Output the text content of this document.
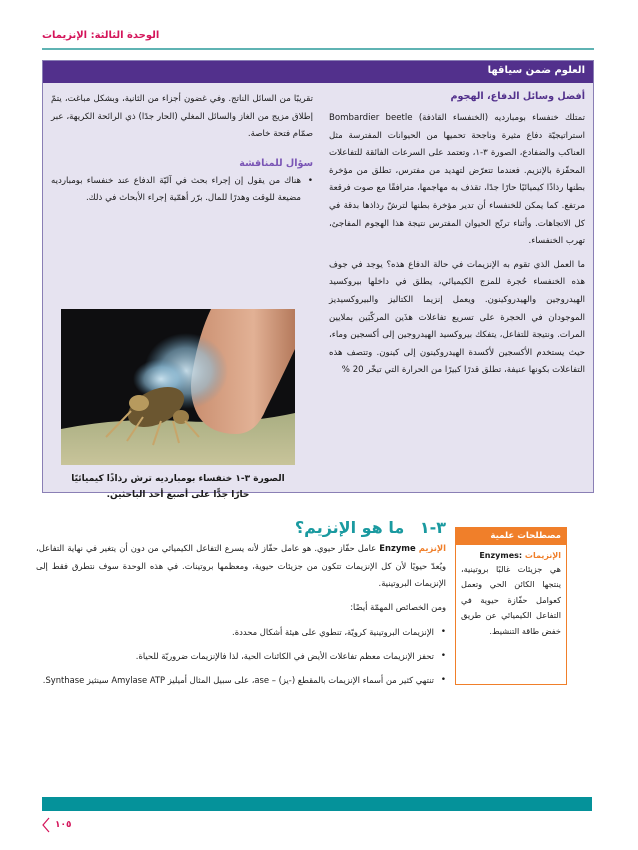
الوحدة الثالثة: الإنزيمات
العلوم ضمن سياقها
أفضل وسائل الدفاع، الهجوم

تمتلك خنفساء بومبارديه (الخنفساء القاذفة) Bombardier beetle استراتيجيّة دفاع مثيرة وناجحة تحميها من الحيوانات المفترسة مثل العناكب والضفادع، الصورة ٣-١، وتعتمد على السرعات الفائقة للتفاعلات المحفّزة بالإنزيم. فعندما تتعرّض لتهديد من مفترس، تطلق من مؤخرة بطنها رذاذًا كيميائيًا حارًا جدًا، تقذف به مهاجمها، مترافقًا مع صوت فرقعة مرتفع. كما يمكن للخنفساء أن تدير مؤخرة بطنها لترشّ رذاذها بدقة في كل الاتجاهات. وأثناء ترنّح الحيوان المفترس نتيجة هذا الهجوم المفاجئ، تهرب الخنفساء.

ما العمل الذي تقوم به الإنزيمات في حالة الدفاع هذه؟ يوجد في جوف هذه الخنفساء حُجرة للمزج الكيميائي، يطلق في داخلها بيروكسيد الهيدروجين والهيدروكينون. ويعمل إنزيما الكتاليز والبيروكسيديز الموجودان في الحجرة على تسريع تفاعلات هذَين المركّبَين بملايين المرات. ونتيجة للتفاعل، يتفكك بيروكسيد الهيدروجين إلى أكسجين وماء، حيث يستخدم الأكسجين لأكسدة الهيدروكينون إلى كينون. وتتصف هذه التفاعلات بكونها عنيفة، تطلق قدرًا كبيرًا من الحرارة التي تبخّر 20 %

تقريبًا من السائل الناتج. وفي غضون أجزاء من الثانية، وبشكل مباغت، يتمّ إطلاق مزيج من الغاز والسائل المغلي (الحار جدًا) ذي الرائحة الكريهة، عبر صمّام فتحة خاصة.

سؤال للمناقشة

• هناك من يقول إن إجراء بحث في آليّة الدفاع عند خنفساء بومبارديه مضيعة للوقت وهدرًا للمال. برّر أهمّية إجراء الأبحاث في ذلك.

الصورة ٣-١ خنفساء بومبارديه ترش رذاذًا كيميائيًا حارًا جدًّا على أصبع أحد الباحثين.
٣-١ ما هو الإنزيم؟

الإنزيم Enzyme عامل حفّاز حيوي. هو عامل حفّاز لأنه يسرع التفاعل الكيميائي من دون أن يتغير في نهاية التفاعل، ويُعدّ حيويًا لأن كل الإنزيمات تتكون من جزيئات حيوية، ومعظمها بروتينات. في هذه الوحدة سوف نتطرق فقط إلى الإنزيمات البروتينية.

ومن الخصائص المهمّة أيضًا:

• الإنزيمات البروتينية كرويّة، تنطوي على هيئة أشكال محددة.

• تحفز الإنزيمات معظم تفاعلات الأيض في الكائنات الحية، لذا فالإنزيمات ضروريّة للحياة.

• تنتهي كثير من أسماء الإنزيمات بالمقطع (-يز) – ase، على سبيل المثال أميليز Amylase ATP سينثيز Synthase.

مصطلحات علمية
الإنزيمات Enzymes:

هي جزيئات غالبًا بروتينية، ينتجها الكائن الحي وتعمل كعوامل حفّازة حيوية في التفاعل الكيميائي عن طريق خفض طاقة التنشيط.

١٠٥
